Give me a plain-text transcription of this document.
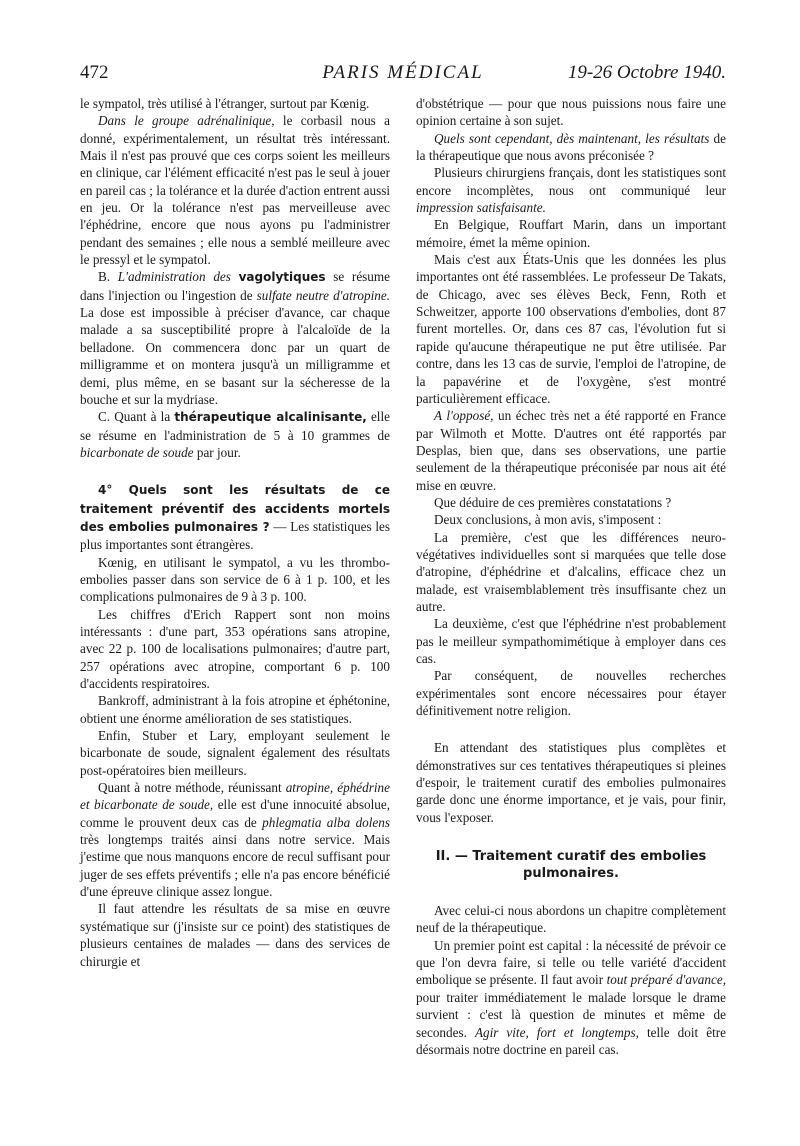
472	PARIS MÉDICAL	19-26 Octobre 1940.

le sympatol, très utilisé à l'étranger, surtout par Kœnig.

Dans le groupe adrénalinique, le corbasil nous a donné, expérimentalement, un résultat très intéressant. Mais il n'est pas prouvé que ces corps soient les meilleurs en clinique, car l'élément efficacité n'est pas le seul à jouer en pareil cas ; la tolérance et la durée d'action entrent aussi en jeu. Or la tolérance n'est pas merveilleuse avec l'éphédrine, encore que nous ayons pu l'administrer pendant des semaines ; elle nous a semblé meilleure avec le pressyl et le sympatol.

B. L'administration des vagolytiques se résume dans l'injection ou l'ingestion de sulfate neutre d'atropine. La dose est impossible à préciser d'avance, car chaque malade a sa susceptibilité propre à l'alcaloïde de la belladone. On commencera donc par un quart de milligramme et on montera jusqu'à un milligramme et demi, plus même, en se basant sur la sécheresse de la bouche et sur la mydriase.

C. Quant à la thérapeutique alcalinisante, elle se résume en l'administration de 5 à 10 grammes de bicarbonate de soude par jour.

4° Quels sont les résultats de ce traitement préventif des accidents mortels des embolies pulmonaires ? — Les statistiques les plus importantes sont étrangères.

Kœnig, en utilisant le sympatol, a vu les thrombo-embolies passer dans son service de 6 à 1 p. 100, et les complications pulmonaires de 9 à 3 p. 100.

Les chiffres d'Erich Rappert sont non moins intéressants : d'une part, 353 opérations sans atropine, avec 22 p. 100 de localisations pulmonaires; d'autre part, 257 opérations avec atropine, comportant 6 p. 100 d'accidents respiratoires.

Bankroff, administrant à la fois atropine et éphétonine, obtient une énorme amélioration de ses statistiques.

Enfin, Stuber et Lary, employant seulement le bicarbonate de soude, signalent également des résultats post-opératoires bien meilleurs.

Quant à notre méthode, réunissant atropine, éphédrine et bicarbonate de soude, elle est d'une innocuité absolue, comme le prouvent deux cas de phlegmatia alba dolens très longtemps traités ainsi dans notre service. Mais j'estime que nous manquons encore de recul suffisant pour juger de ses effets préventifs ; elle n'a pas encore bénéficié d'une épreuve clinique assez longue.

Il faut attendre les résultats de sa mise en œuvre systématique sur (j'insiste sur ce point) des statistiques de plusieurs centaines de malades — dans des services de chirurgie et

d'obstétrique — pour que nous puissions nous faire une opinion certaine à son sujet.

Quels sont cependant, dès maintenant, les résultats de la thérapeutique que nous avons préconisée ?

Plusieurs chirurgiens français, dont les statistiques sont encore incomplètes, nous ont communiqué leur impression satisfaisante.

En Belgique, Rouffart Marin, dans un important mémoire, émet la même opinion.

Mais c'est aux États-Unis que les données les plus importantes ont été rassemblées. Le professeur De Takats, de Chicago, avec ses élèves Beck, Fenn, Roth et Schweitzer, apporte 100 observations d'embolies, dont 87 furent mortelles. Or, dans ces 87 cas, l'évolution fut si rapide qu'aucune thérapeutique ne put être utilisée. Par contre, dans les 13 cas de survie, l'emploi de l'atropine, de la papavérine et de l'oxygène, s'est montré particulièrement efficace.

A l'opposé, un échec très net a été rapporté en France par Wilmoth et Motte. D'autres ont été rapportés par Desplas, bien que, dans ses observations, une partie seulement de la thérapeutique préconisée par nous ait été mise en œuvre.

Que déduire de ces premières constatations ?

Deux conclusions, à mon avis, s'imposent :

La première, c'est que les différences neuro-végétatives individuelles sont si marquées que telle dose d'atropine, d'éphédrine et d'alcalins, efficace chez un malade, est vraisemblablement très insuffisante chez un autre.

La deuxième, c'est que l'éphédrine n'est probablement pas le meilleur sympathomimétique à employer dans ces cas.

Par conséquent, de nouvelles recherches expérimentales sont encore nécessaires pour étayer définitivement notre religion.

En attendant des statistiques plus complètes et démonstratives sur ces tentatives thérapeutiques si pleines d'espoir, le traitement curatif des embolies pulmonaires garde donc une énorme importance, et je vais, pour finir, vous l'exposer.

II. — Traitement curatif des embolies pulmonaires.

Avec celui-ci nous abordons un chapitre complètement neuf de la thérapeutique.

Un premier point est capital : la nécessité de prévoir ce que l'on devra faire, si telle ou telle variété d'accident embolique se présente. Il faut avoir tout préparé d'avance, pour traiter immédiatement le malade lorsque le drame survient : c'est là question de minutes et même de secondes. Agir vite, fort et longtemps, telle doit être désormais notre doctrine en pareil cas.
